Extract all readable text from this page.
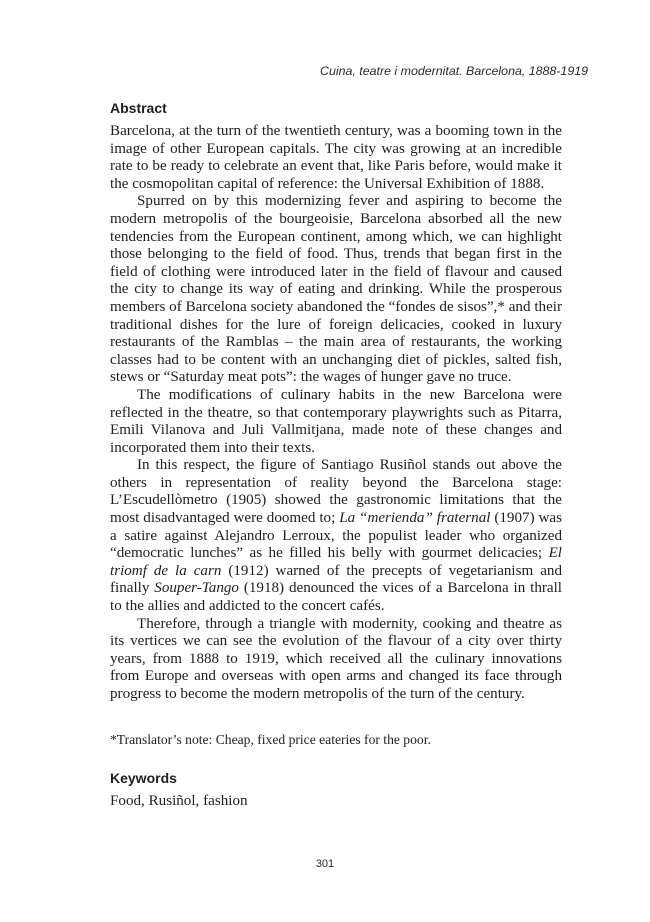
Cuina, teatre i modernitat. Barcelona, 1888-1919
Abstract

Barcelona, at the turn of the twentieth century, was a booming town in the image of other European capitals. The city was growing at an incredible rate to be ready to celebrate an event that, like Paris before, would make it the cosmopolitan capital of reference: the Universal Exhibition of 1888.

Spurred on by this modernizing fever and aspiring to become the modern metropolis of the bourgeoisie, Barcelona absorbed all the new tendencies from the European continent, among which, we can highlight those belonging to the field of food. Thus, trends that began first in the field of clothing were introduced later in the field of flavour and caused the city to change its way of eating and drinking. While the prosperous members of Barcelona society abandoned the “fondes de sisos”,* and their traditional dishes for the lure of foreign delicacies, cooked in luxury restaurants of the Ramblas – the main area of restaurants, the working classes had to be content with an unchanging diet of pickles, salted fish, stews or “Saturday meat pots”: the wages of hunger gave no truce.

The modifications of culinary habits in the new Barcelona were reflected in the theatre, so that contemporary playwrights such as Pitarra, Emili Vilanova and Juli Vallmitjana, made note of these changes and incorporated them into their texts.

In this respect, the figure of Santiago Rusiñol stands out above the others in representation of reality beyond the Barcelona stage: L’Escudellòmetro (1905) showed the gastronomic limitations that the most disadvantaged were doomed to; La “merienda” fraternal (1907) was a satire against Alejandro Lerroux, the populist leader who organized “democratic lunches” as he filled his belly with gourmet delicacies; El triomf de la carn (1912) warned of the precepts of vegetarianism and finally Souper-Tango (1918) denounced the vices of a Barcelona in thrall to the allies and addicted to the concert cafés.

Therefore, through a triangle with modernity, cooking and theatre as its vertices we can see the evolution of the flavour of a city over thirty years, from 1888 to 1919, which received all the culinary innovations from Europe and overseas with open arms and changed its face through progress to become the modern metropolis of the turn of the century.

*Translator’s note: Cheap, fixed price eateries for the poor.
Keywords
Food, Rusiñol, fashion
301
